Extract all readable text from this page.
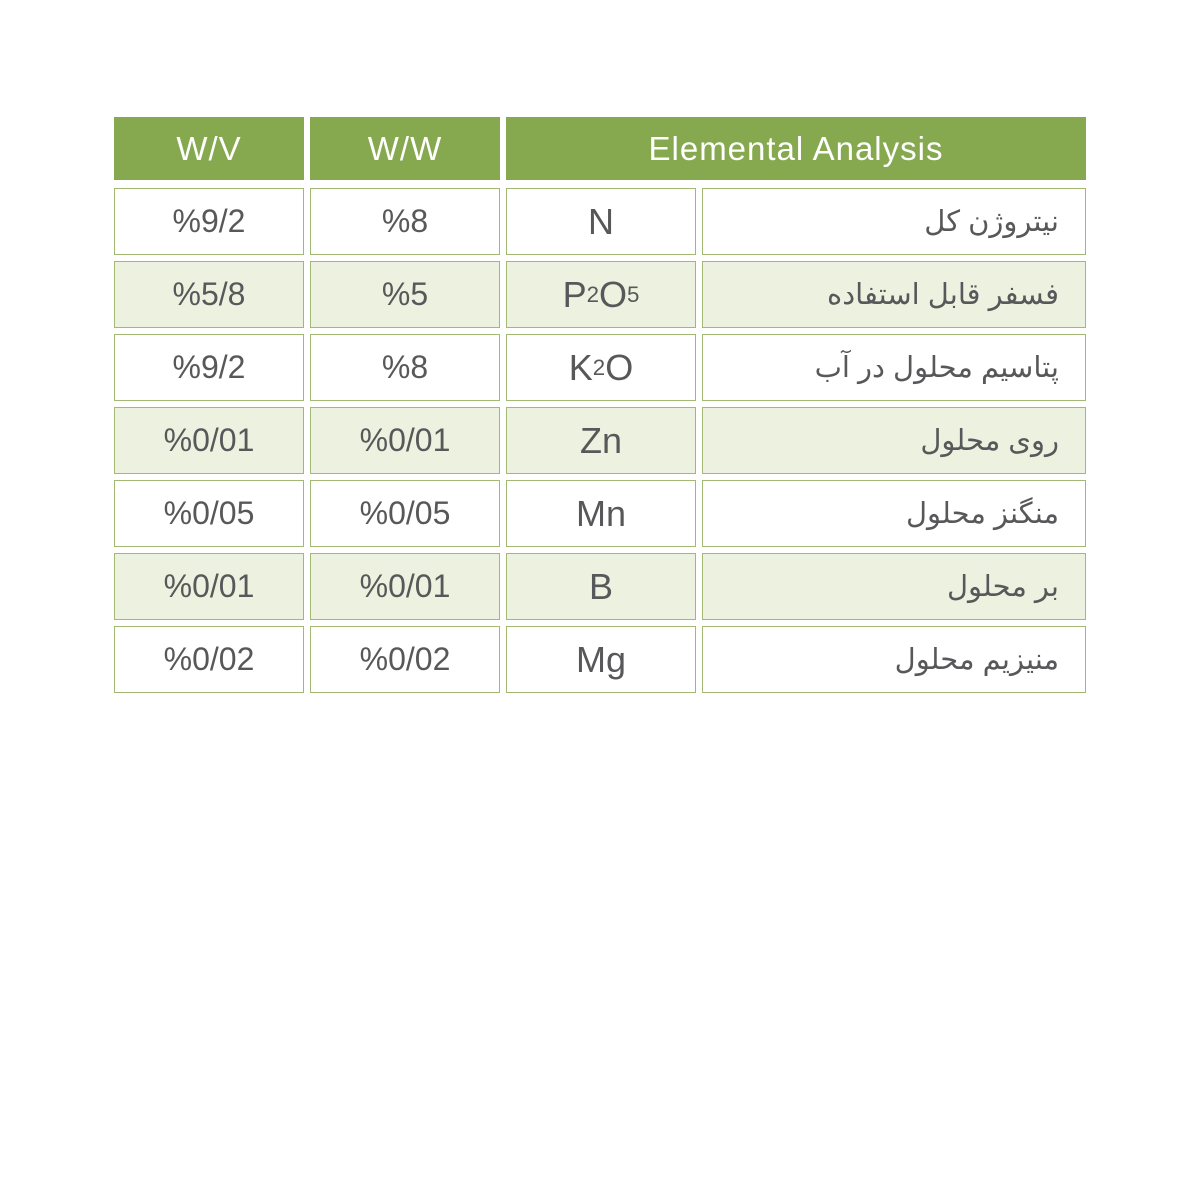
W/V	W/W	Elemental Analysis
%9/2	%8	N	نیتروژن کل
%5/8	%5	P 2 O 5	فسفر قابل استفاده
%9/2	%8	K 2 O	پتاسیم محلول در آب
%0/01	%0/01	Zn	روی محلول
%0/05	%0/05	Mn	منگنز محلول
%0/01	%0/01	B	بر محلول
%0/02	%0/02	Mg	منیزیم محلول
